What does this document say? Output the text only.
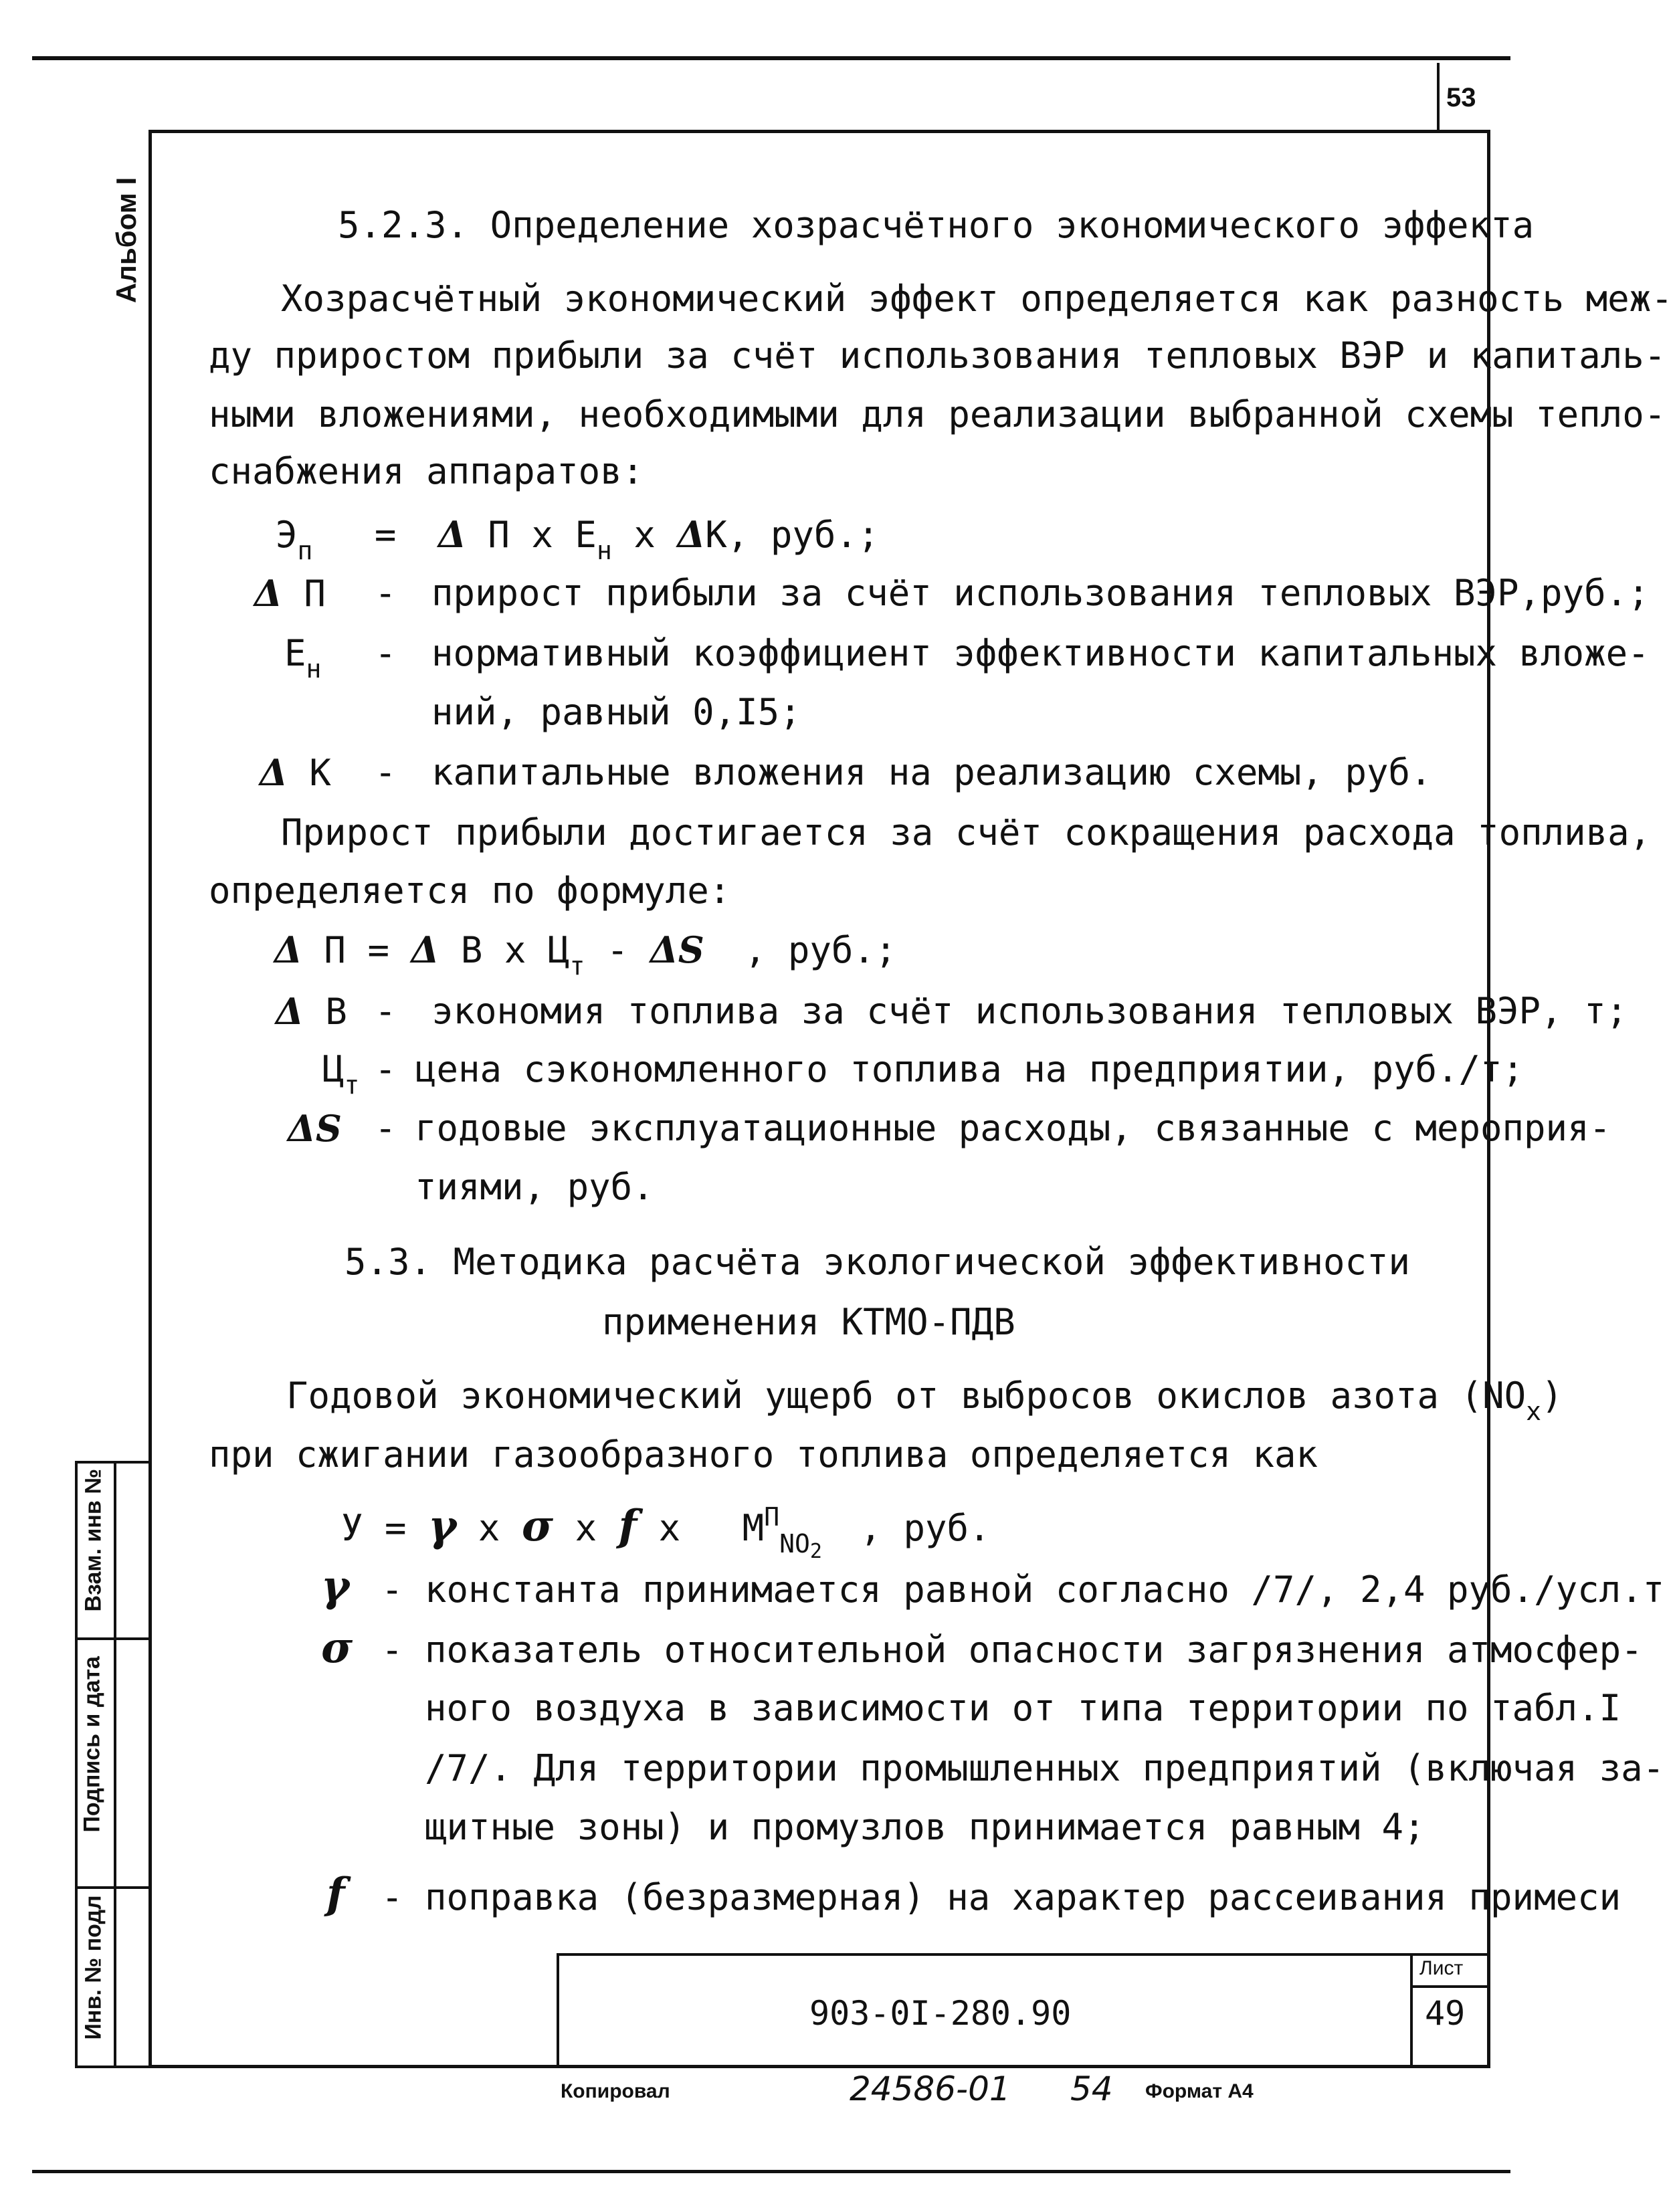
53
Альбом I
Взам. инв №
Подпись и дата
Инв. № подл
5.2.3. Определение хозрасчётного экономического эффекта
Хозрасчётный экономический эффект определяется как разность меж-
ду приростом прибыли за счёт использования тепловых ВЭР и капиталь-
ными вложениями, необходимыми для реализации выбранной схемы тепло-
снабжения аппаратов:
$Э_п = \Delta$ П х $Е_н$ х ΔК, руб.;
Δ П - прирост прибыли за счёт использования тепловых ВЭР,руб.;
$Е_н$ - нормативный коэффициент эффективности капитальных вложе-
ний, равный 0,I5;
Δ К - капитальные вложения на реализацию схемы, руб.
Прирост прибыли достигается за счёт сокращения расхода топлива,
определяется по формуле:
Δ П = Δ В х $Ц_т$ - ΔS , руб.;
Δ В - экономия топлива за счёт использования тепловых ВЭР, т;
$Ц_т$ - цена сэкономленного топлива на предприятии, руб./т;
ΔS - годовые эксплуатационные расходы, связанные с мероприя-
тиями, руб.
5.3. Методика расчёта экологической эффективности
применения КТМО-ПДВ
Годовой экономический ущерб от выбросов окислов азота $(NO_x)$
при сжигании газообразного топлива определяется как
У = γ х σ х f х $М^П_{NO2}$ , руб.
γ - константа принимается равной согласно /7/, 2,4 руб./усл.т
σ - показатель относительной опасности загрязнения атмосфер-
ного воздуха в зависимости от типа территории по табл.I
/7/. Для территории промышленных предприятий (включая за-
щитные зоны) и промузлов принимается равным 4;
f - поправка (безразмерная) на характер рассеивания примеси
903-0I-280.90
Лист
49
Копировал	24586-01 54 Формат А4
